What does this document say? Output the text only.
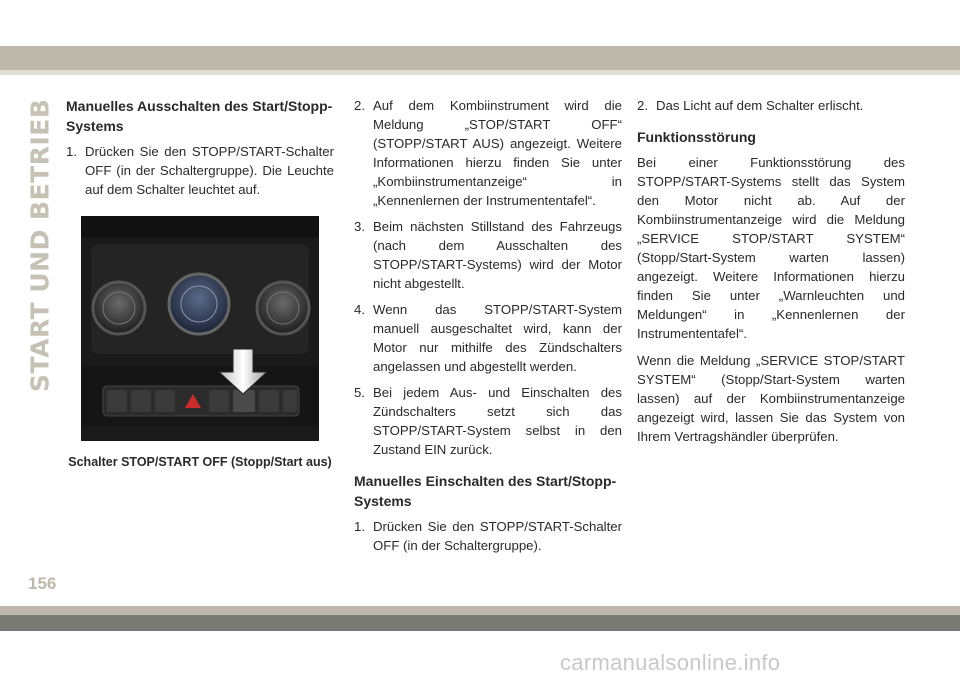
START UND BETRIEB Manuelles Ausschalten des Start/Stopp-Systems
1. Drücken Sie den STOPP/START-Schalter OFF (in der Schaltergruppe). Die Leuchte auf dem Schalter leuchtet auf.
Schalter STOP/START OFF (Stopp/Start aus)
2. Auf dem Kombiinstrument wird die Meldung „STOP/START OFF“ (STOPP/START AUS) angezeigt. Weitere Informationen hierzu finden Sie unter „Kombiinstrumentanzeige“ in „Kennenlernen der Instrumententafel“.
3. Beim nächsten Stillstand des Fahrzeugs (nach dem Ausschalten des STOPP/START-Systems) wird der Motor nicht abgestellt.
4. Wenn das STOPP/START-System manuell ausgeschaltet wird, kann der Motor nur mithilfe des Zündschalters angelassen und abgestellt werden.
5. Bei jedem Aus- und Einschalten des Zündschalters setzt sich das STOPP/START-System selbst in den Zustand EIN zurück.
Manuelles Einschalten des Start/Stopp-Systems
1. Drücken Sie den STOPP/START-Schalter OFF (in der Schaltergruppe).
2. Das Licht auf dem Schalter erlischt.
Funktionsstörung

Bei einer Funktionsstörung des STOPP/START-Systems stellt das System den Motor nicht ab. Auf der Kombiinstrumentanzeige wird die Meldung „SERVICE STOP/START SYSTEM“ (Stopp/Start-System warten lassen) angezeigt. Weitere Informationen hierzu finden Sie unter „Warnleuchten und Meldungen“ in „Kennenlernen der Instrumententafel“.

Wenn die Meldung „SERVICE STOP/START SYSTEM“ (Stopp/Start-System warten lassen) auf der Kombiinstrumentanzeige angezeigt wird, lassen Sie das System von Ihrem Vertragshändler überprüfen.

156
carmanualsonline.info
